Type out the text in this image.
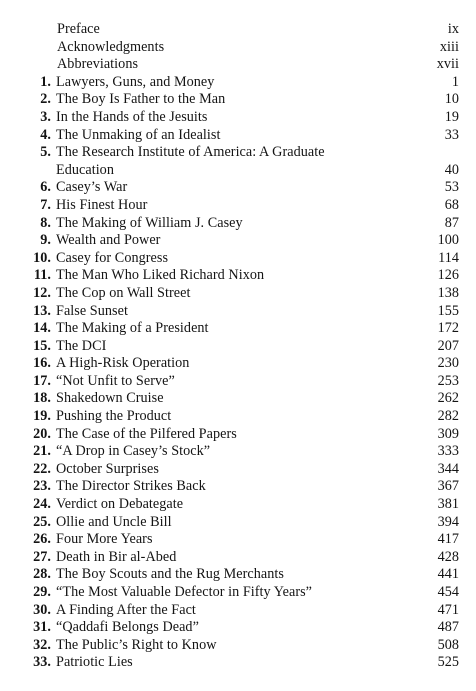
Preface	ix
Acknowledgments	xiii
Abbreviations	xvii
1. Lawyers, Guns, and Money	1
2. The Boy Is Father to the Man	10
3. In the Hands of the Jesuits	19
4. The Unmaking of an Idealist	33
5. The Research Institute of America: A Graduate
Education	40
6. Casey’s War	53
7. His Finest Hour	68
8. The Making of William J. Casey	87
9. Wealth and Power	100
10. Casey for Congress	114
11. The Man Who Liked Richard Nixon	126
12. The Cop on Wall Street	138
13. False Sunset	155
14. The Making of a President	172
15. The DCI	207
16. A High-Risk Operation	230
17. “Not Unfit to Serve”	253
18. Shakedown Cruise	262
19. Pushing the Product	282
20. The Case of the Pilfered Papers	309
21. “A Drop in Casey’s Stock”	333
22. October Surprises	344
23. The Director Strikes Back	367
24. Verdict on Debategate	381
25. Ollie and Uncle Bill	394
26. Four More Years	417
27. Death in Bir al-Abed	428
28. The Boy Scouts and the Rug Merchants	441
29. “The Most Valuable Defector in Fifty Years”	454
30. A Finding After the Fact	471
31. “Qaddafi Belongs Dead”	487
32. The Public’s Right to Know	508
33. Patriotic Lies	525
